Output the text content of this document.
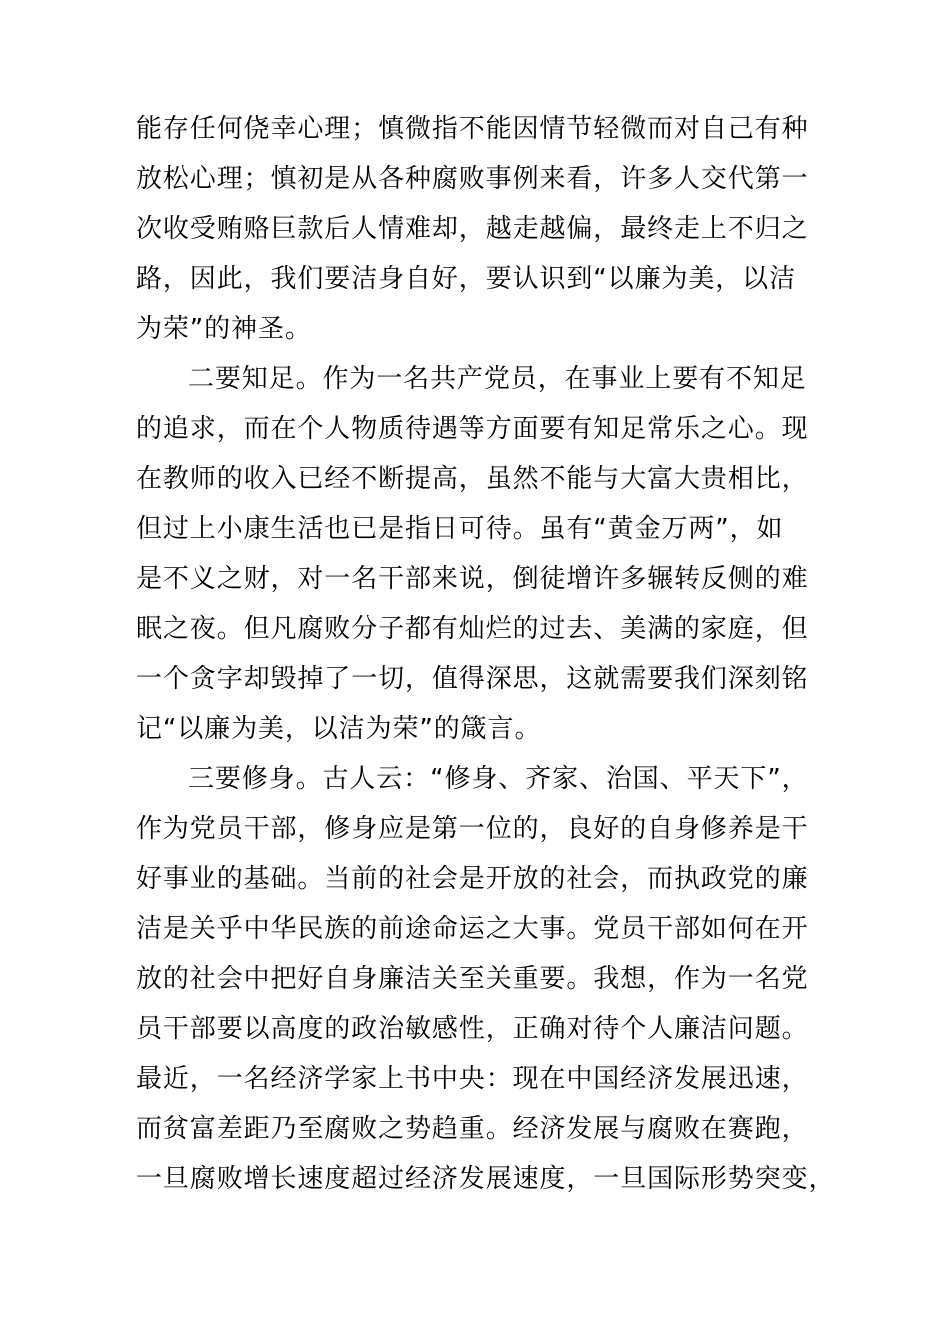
能存任何侥幸心理；慎微指不能因情节轻微而对自己有种
放松心理；慎初是从各种腐败事例来看，许多人交代第一
次收受贿赂巨款后人情难却，越走越偏，最终走上不归之
路，因此，我们要洁身自好，要认识到“以廉为美，以洁
为荣”的神圣。
二要知足。作为一名共产党员，在事业上要有不知足
的追求，而在个人物质待遇等方面要有知足常乐之心。现
在教师的收入已经不断提高，虽然不能与大富大贵相比，
但过上小康生活也已是指日可待。虽有“黄金万两”，如
是不义之财，对一名干部来说，倒徒增许多辗转反侧的难
眠之夜。但凡腐败分子都有灿烂的过去、美满的家庭，但
一个贪字却毁掉了一切，值得深思，这就需要我们深刻铭
记“以廉为美，以洁为荣”的箴言。
三要修身。古人云：“修身、齐家、治国、平天下”，
作为党员干部，修身应是第一位的，良好的自身修养是干
好事业的基础。当前的社会是开放的社会，而执政党的廉
洁是关乎中华民族的前途命运之大事。党员干部如何在开
放的社会中把好自身廉洁关至关重要。我想，作为一名党
员干部要以高度的政治敏感性，正确对待个人廉洁问题。
最近，一名经济学家上书中央：现在中国经济发展迅速，
而贫富差距乃至腐败之势趋重。经济发展与腐败在赛跑，
一旦腐败增长速度超过经济发展速度，一旦国际形势突变，
